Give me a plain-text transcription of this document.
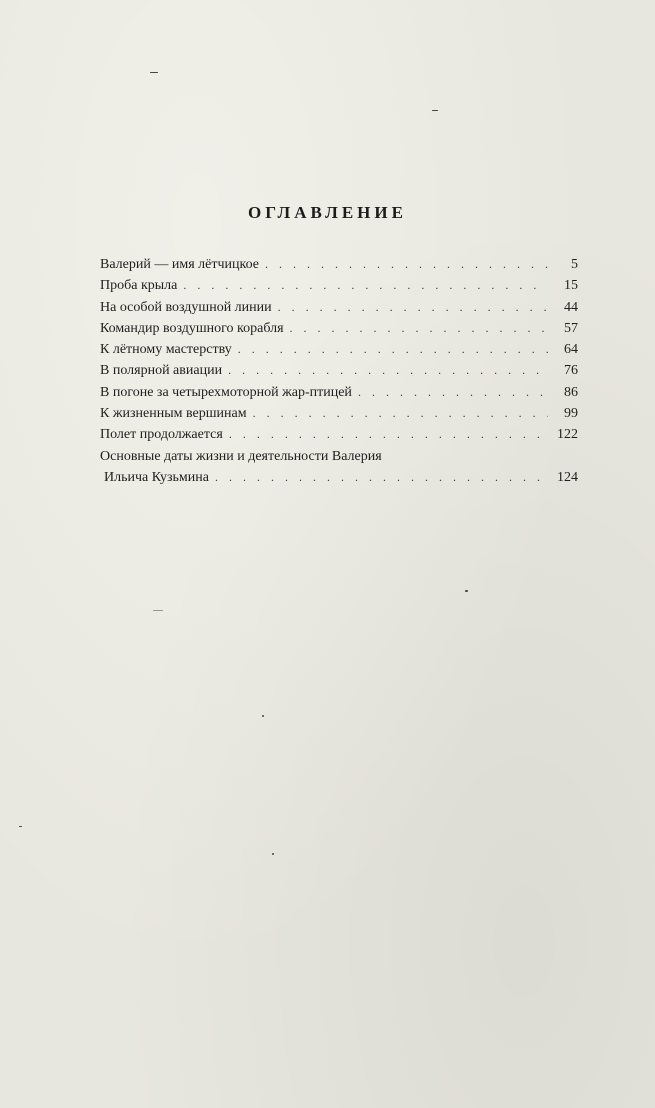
ОГЛАВЛЕНИЕ
Валерий — имя лётчицкое . . .	5
Проба крыла . . .	15
На особой воздушной линии . . .	44
Командир воздушного корабля . . .	57
К лётному мастерству . . .	64
В полярной авиации . . .	76
В погоне за четырехмоторной жар-птицей . . .	86
К жизненным вершинам . . .	99
Полет продолжается . . .	122
Основные даты жизни и деятельности Валерия
Ильича Кузьмина . . .	124
